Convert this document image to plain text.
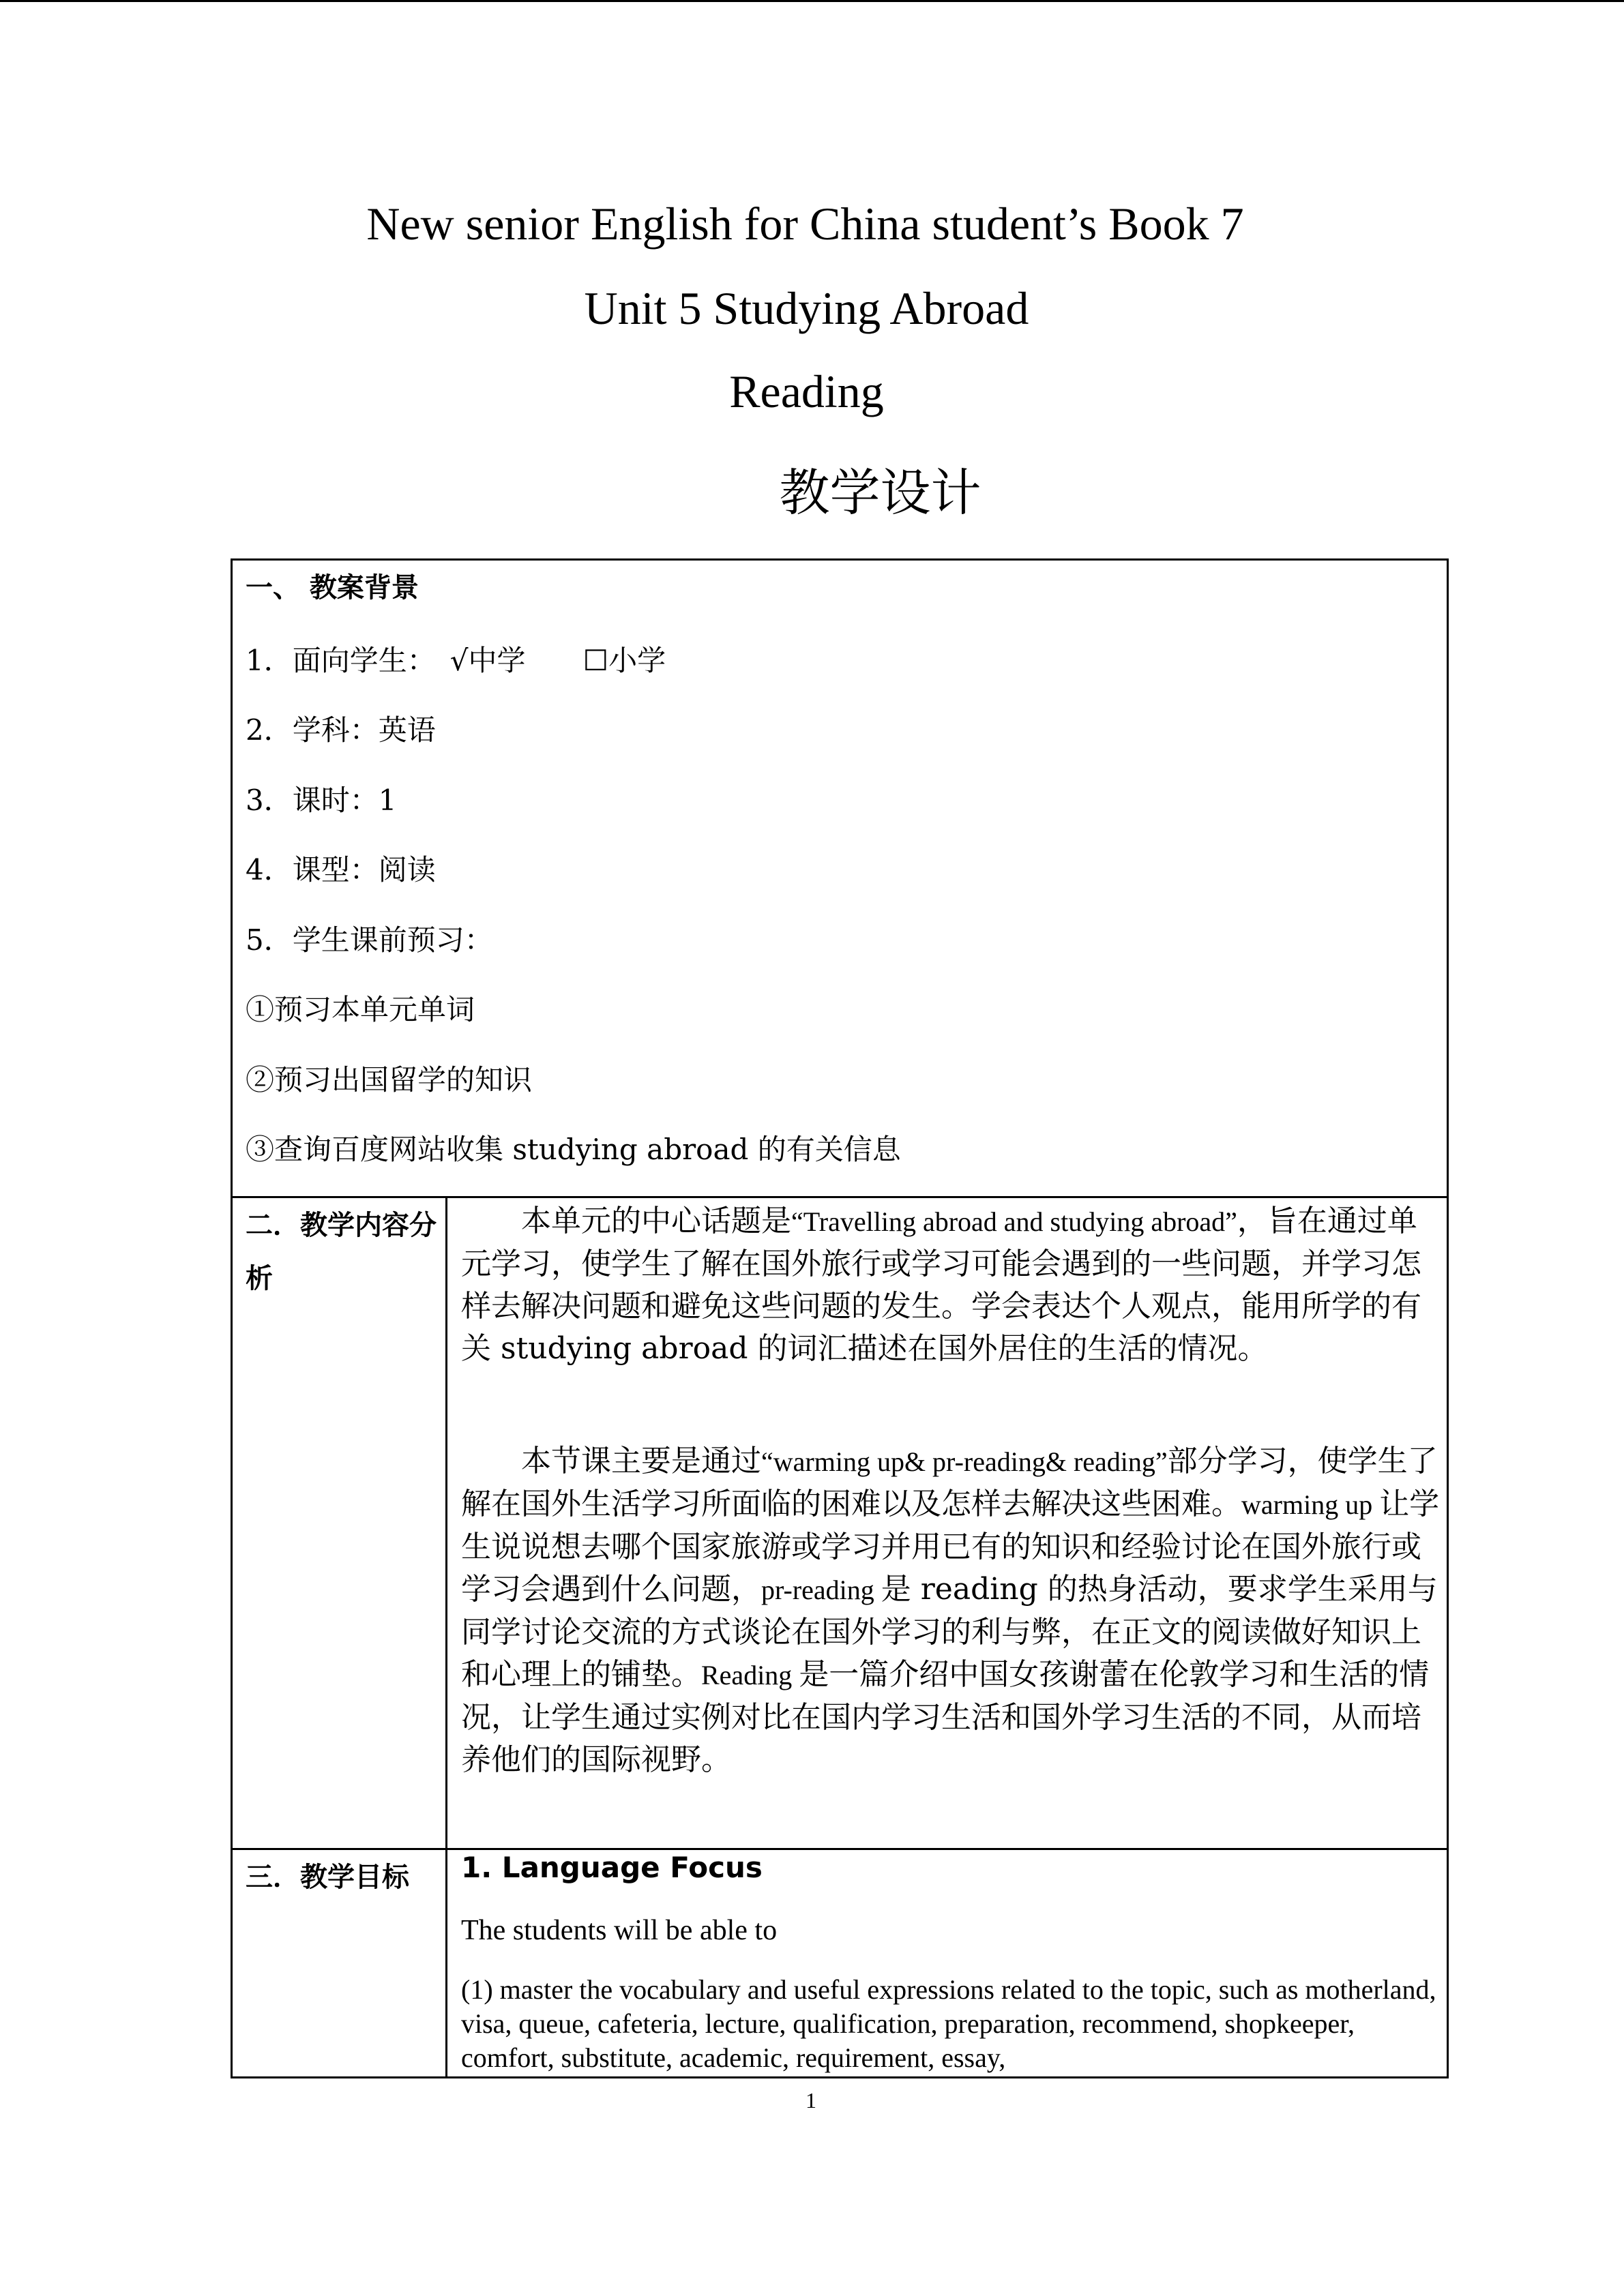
New senior English for China student’s Book 7
Unit 5 Studying Abroad
Reading
教学设计
一、 教案背景
1．面向学生：　√中学　　☐小学
2．学科：英语
3．课时：1
4．课型：阅读
5．学生课前预习：
①预习本单元单词
②预习出国留学的知识
③查询百度网站收集 studying abroad 的有关信息
二．教学内容分析

本单元的中心话题是“Travelling abroad and studying abroad”，旨在通过单元学习，使学生了解在国外旅行或学习可能会遇到的一些问题，并学习怎样去解决问题和避免这些问题的发生。学会表达个人观点，能用所学的有关 studying abroad 的词汇描述在国外居住的生活的情况。

本节课主要是通过“warming up& pr-reading& reading”部分学习，使学生了解在国外生活学习所面临的困难以及怎样去解决这些困难。warming up 让学生说说想去哪个国家旅游或学习并用已有的知识和经验讨论在国外旅行或学习会遇到什么问题，pr-reading 是 reading 的热身活动，要求学生采用与同学讨论交流的方式谈论在国外学习的利与弊，在正文的阅读做好知识上和心理上的铺垫。Reading 是一篇介绍中国女孩谢蕾在伦敦学习和生活的情况，让学生通过实例对比在国内学习生活和国外学习生活的不同，从而培养他们的国际视野。

三．教学目标	1. Language Focus
The students will be able to

(1) master the vocabulary and useful expressions related to the topic, such as motherland, visa, queue, cafeteria, lecture, qualification, preparation, recommend, shopkeeper, comfort, substitute, academic, requirement, essay,

1
